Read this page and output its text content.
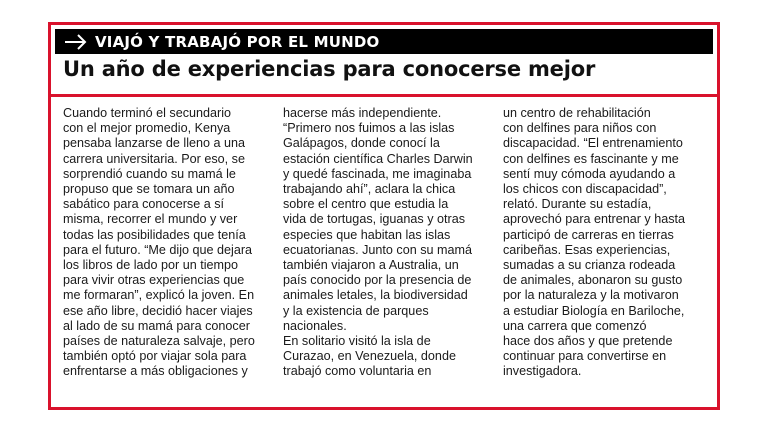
VIAJÓ Y TRABAJÓ POR EL MUNDO
Un año de experiencias para conocerse mejor
Cuando terminó el secundario
con el mejor promedio, Kenya
pensaba lanzarse de lleno a una
carrera universitaria. Por eso, se
sorprendió cuando su mamá le
propuso que se tomara un año
sabático para conocerse a sí
misma, recorrer el mundo y ver
todas las posibilidades que tenía
para el futuro. “Me dijo que dejara
los libros de lado por un tiempo
para vivir otras experiencias que
me formaran”, explicó la joven. En
ese año libre, decidió hacer viajes
al lado de su mamá para conocer
países de naturaleza salvaje, pero
también optó por viajar sola para
enfrentarse a más obligaciones y
hacerse más independiente.
“Primero nos fuimos a las islas
Galápagos, donde conocí la
estación científica Charles Darwin
y quedé fascinada, me imaginaba
trabajando ahí”, aclara la chica
sobre el centro que estudia la
vida de tortugas, iguanas y otras
especies que habitan las islas
ecuatorianas. Junto con su mamá
también viajaron a Australia, un
país conocido por la presencia de
animales letales, la biodiversidad
y la existencia de parques
nacionales.
En solitario visitó la isla de
Curazao, en Venezuela, donde
trabajó como voluntaria en
un centro de rehabilitación
con delfines para niños con
discapacidad. “El entrenamiento
con delfines es fascinante y me
sentí muy cómoda ayudando a
los chicos con discapacidad”,
relató. Durante su estadía,
aprovechó para entrenar y hasta
participó de carreras en tierras
caribeñas. Esas experiencias,
sumadas a su crianza rodeada
de animales, abonaron su gusto
por la naturaleza y la motivaron
a estudiar Biología en Bariloche,
una carrera que comenzó
hace dos años y que pretende
continuar para convertirse en
investigadora.
